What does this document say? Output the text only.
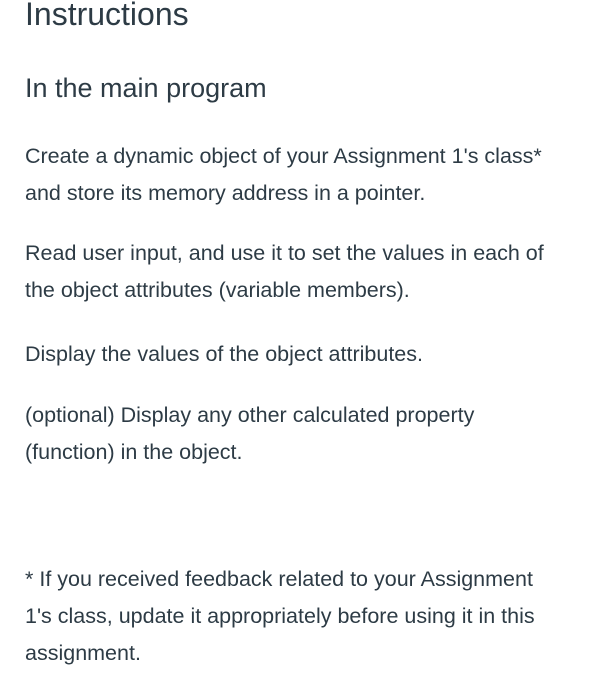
Instructions
In the main program

Create a dynamic object of your Assignment 1's class*
and store its memory address in a pointer.

Read user input, and use it to set the values in each of
the object attributes (variable members).

Display the values of the object attributes.

(optional) Display any other calculated property
(function) in the object.

* If you received feedback related to your Assignment
1's class, update it appropriately before using it in this
assignment.
